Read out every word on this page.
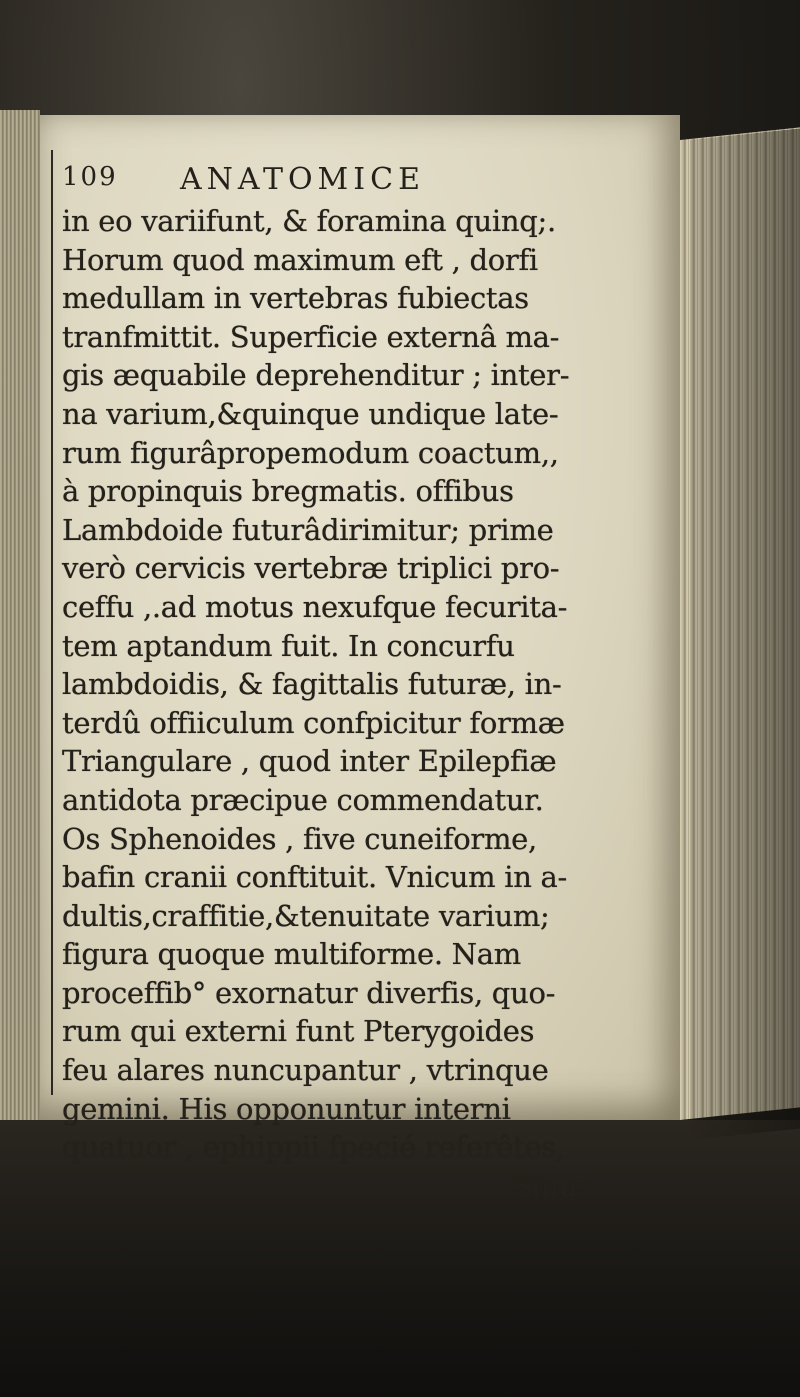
109 ANATOMICE
in eo variifunt, & foramina quinq;.
Horum quod maximum eft , dorfi
medullam in vertebras fubiectas
tranfmittit. Superficie externâ ma-
gis æquabile deprehenditur ; inter-
na varium,&quinque undique late-
rum figurâpropemodum coactum,,
à propinquis bregmatis. offibus
Lambdoide futurâdirimitur; prime
verò cervicis vertebræ triplici pro-
ceffu ,.ad motus nexufque fecurita-
tem aptandum fuit. In concurfu
lambdoidis, & fagittalis futuræ, in-
terdû offiiculum confpicitur formæ
Triangulare , quod inter Epilepfiæ
antidota præcipue commendatur.
Os Sphenoides , five cuneiforme,
bafin cranii conftituit. Vnicum in a-
dultis,craffitie,&tenuitate varium;
figura quoque multiforme. Nam
proceffib° exornatur diverfis, quo-
rum qui externi funt Pterygoides
feu alares nuncupantur , vtrinque
gemini. His opponuntur interni
quatuor , ephippii fpecié referêtes,
Sinus
